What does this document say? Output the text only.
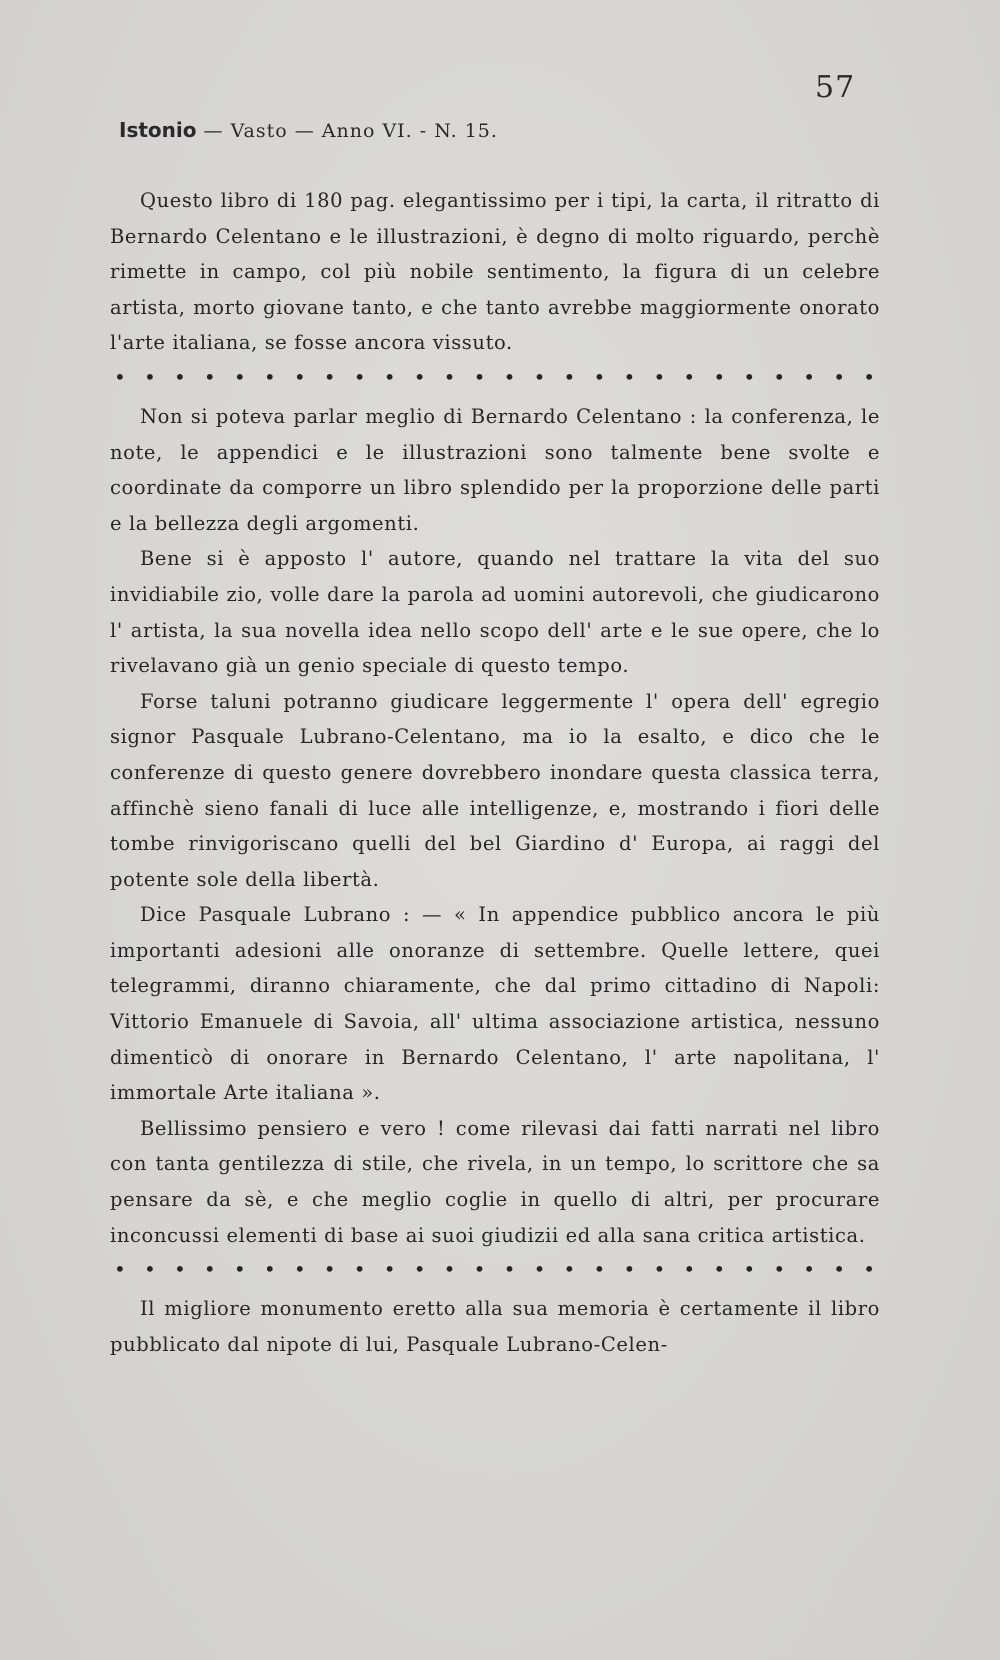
57
Istonio — Vasto — Anno VI. - N. 15.

Questo libro di 180 pag. elegantissimo per i tipi, la carta, il ritratto di Bernardo Celentano e le illustrazioni, è degno di molto riguardo, perchè rimette in campo, col più nobile sentimento, la figura di un celebre artista, morto giovane tanto, e che tanto avrebbe maggiormente onorato l'arte italiana, se fosse ancora vissuto.

• • • • • • • • • • • • • • • • • • • • • • • • • •

Non si poteva parlar meglio di Bernardo Celentano : la conferenza, le note, le appendici e le illustrazioni sono talmente bene svolte e coordinate da comporre un libro splendido per la proporzione delle parti e la bellezza degli argomenti.

Bene si è apposto l' autore, quando nel trattare la vita del suo invidiabile zio, volle dare la parola ad uomini autorevoli, che giudicarono l' artista, la sua novella idea nello scopo dell' arte e le sue opere, che lo rivelavano già un genio speciale di questo tempo.

Forse taluni potranno giudicare leggermente l' opera dell' egregio signor Pasquale Lubrano-Celentano, ma io la esalto, e dico che le conferenze di questo genere dovrebbero inondare questa classica terra, affinchè sieno fanali di luce alle intelligenze, e, mostrando i fiori delle tombe rinvigoriscano quelli del bel Giardino d' Europa, ai raggi del potente sole della libertà.

Dice Pasquale Lubrano : — « In appendice pubblico ancora le più importanti adesioni alle onoranze di settembre. Quelle lettere, quei telegrammi, diranno chiaramente, che dal primo cittadino di Napoli: Vittorio Emanuele di Savoia, all' ultima associazione artistica, nessuno dimenticò di onorare in Bernardo Celentano, l' arte napolitana, l' immortale Arte italiana ».

Bellissimo pensiero e vero ! come rilevasi dai fatti narrati nel libro con tanta gentilezza di stile, che rivela, in un tempo, lo scrittore che sa pensare da sè, e che meglio coglie in quello di altri, per procurare inconcussi elementi di base ai suoi giudizii ed alla sana critica artistica.

• • • • • • • • • • • • • • • • • • • • • • • • • •

Il migliore monumento eretto alla sua memoria è certamente il libro pubblicato dal nipote di lui, Pasquale Lubrano-Celen-
